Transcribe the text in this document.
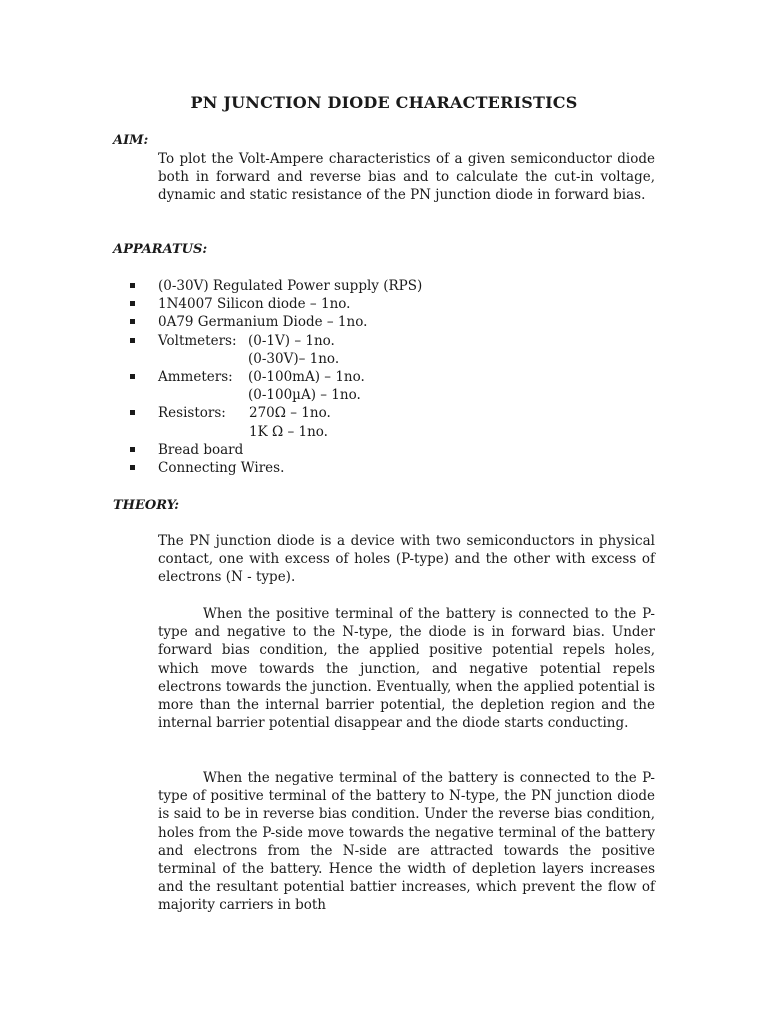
PN JUNCTION DIODE CHARACTERISTICS
AIM:
To plot the Volt-Ampere characteristics of a given semiconductor diode both in forward and reverse bias and to calculate the cut-in voltage, dynamic and static resistance of the PN junction diode in forward bias.
APPARATUS:
(0-30V) Regulated Power supply (RPS)
1N4007 Silicon diode – 1no.
0A79 Germanium Diode – 1no.
Voltmeters: (0-1V) – 1no.
(0-30V)– 1no.
Ammeters: (0-100mA) – 1no.
(0-100µA) – 1no.
Resistors: 270Ω – 1no.
1K Ω – 1no.
Bread board
Connecting Wires.
THEORY:
The PN junction diode is a device with two semiconductors in physical contact, one with excess of holes (P-type) and the other with excess of electrons (N - type).
When the positive terminal of the battery is connected to the P-type and negative to the N-type, the diode is in forward bias. Under forward bias condition, the applied positive potential repels holes, which move towards the junction, and negative potential repels electrons towards the junction. Eventually, when the applied potential is more than the internal barrier potential, the depletion region and the internal barrier potential disappear and the diode starts conducting.
When the negative terminal of the battery is connected to the P- type of positive terminal of the battery to N-type, the PN junction diode is said to be in reverse bias condition. Under the reverse bias condition, holes from the P-side move towards the negative terminal of the battery and electrons from the N-side are attracted towards the positive terminal of the battery. Hence the width of depletion layers increases and the resultant potential battier increases, which prevent the flow of majority carriers in both
